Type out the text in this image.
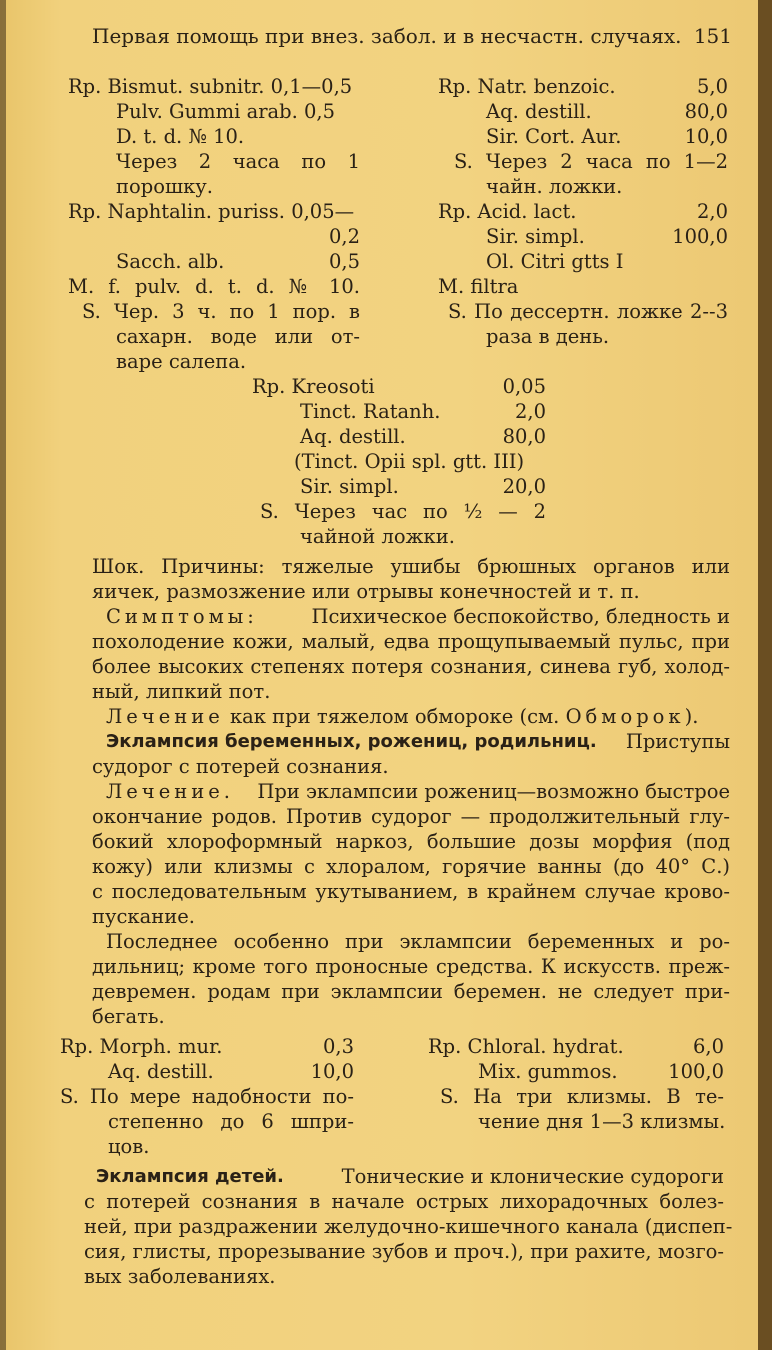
Первая помощь при внез. забол. и в несчастн. случаях. 151
Rp. Bismut. subnitr. 0,1—0,5
Pulv. Gummi arab. 0,5
D. t. d. № 10.
Через 2 часа по 1
порошку.
Rp. Natr. benzoic.	5,0
Aq. destill.	80,0
Sir. Cort. Aur.	10,0
S. Через 2 часа по 1—2
чайн. ложки.
Rp. Naphtalin. puriss. 0,05—
0,2
Sacch. alb.	0,5
M. f. pulv. d. t. d. № 10.
S. Чер. 3 ч. по 1 пор. в
сахарн. воде или от-
варе салепа.
Rp. Acid. lact.	2,0
Sir. simpl.	100,0
Ol. Citri gtts I
M. filtra
S. По дессертн. ложке 2--3
раза в день.
Rp. Kreosoti	0,05
Tinct. Ratanh.	2,0
Aq. destill.	80,0
(Tinct. Opii spl. gtt. III)
Sir. simpl.	20,0
S. Через час по ½ — 2
чайной ложки.
Шок. Причины: тяжелые ушибы брюшных органов или
яичек, размозжение или отрывы конечностей и т. п.
Симптомы:	Психическое беспокойство, бледность и
похолодение кожи, малый, едва прощупываемый пульс, при
более высоких степенях потеря сознания, синева губ, холод-
ный, липкий пот.
Лечение как при тяжелом обмороке (см. Обморок).
Эклампсия беременных, рожениц, родильниц. Приступы
судорог с потерей сознания.
Лечение. При эклампсии рожениц—возможно быстрое
окончание родов. Против судорог — продолжительный глу-
бокий хлороформный наркоз, большие дозы морфия (под
кожу) или клизмы с хлоралом, горячие ванны (до 40° С.)
с последовательным укутыванием, в крайнем случае крово-
пускание.
Последнее особенно при эклампсии беременных и ро-
дильниц; кроме того проносные средства. К искусств. преж-
девремен. родам при эклампсии беремен. не следует при-
бегать.
Rp. Morph. mur.	0,3
Aq. destill.	10,0
S. По мере надобности по-
степенно до 6 шпри-
цов.
Rp. Chloral. hydrat.	6,0
Mix. gummos.	100,0
S. На три клизмы. В те-
чение дня 1—3 клизмы.
Эклампсия детей.	Тонические и клонические судороги
с потерей сознания в начале острых лихорадочных болез-
ней, при раздражении желудочно-кишечного канала (диспеп-
сия, глисты, прорезывание зубов и проч.), при рахите, мозго-
вых заболеваниях.
